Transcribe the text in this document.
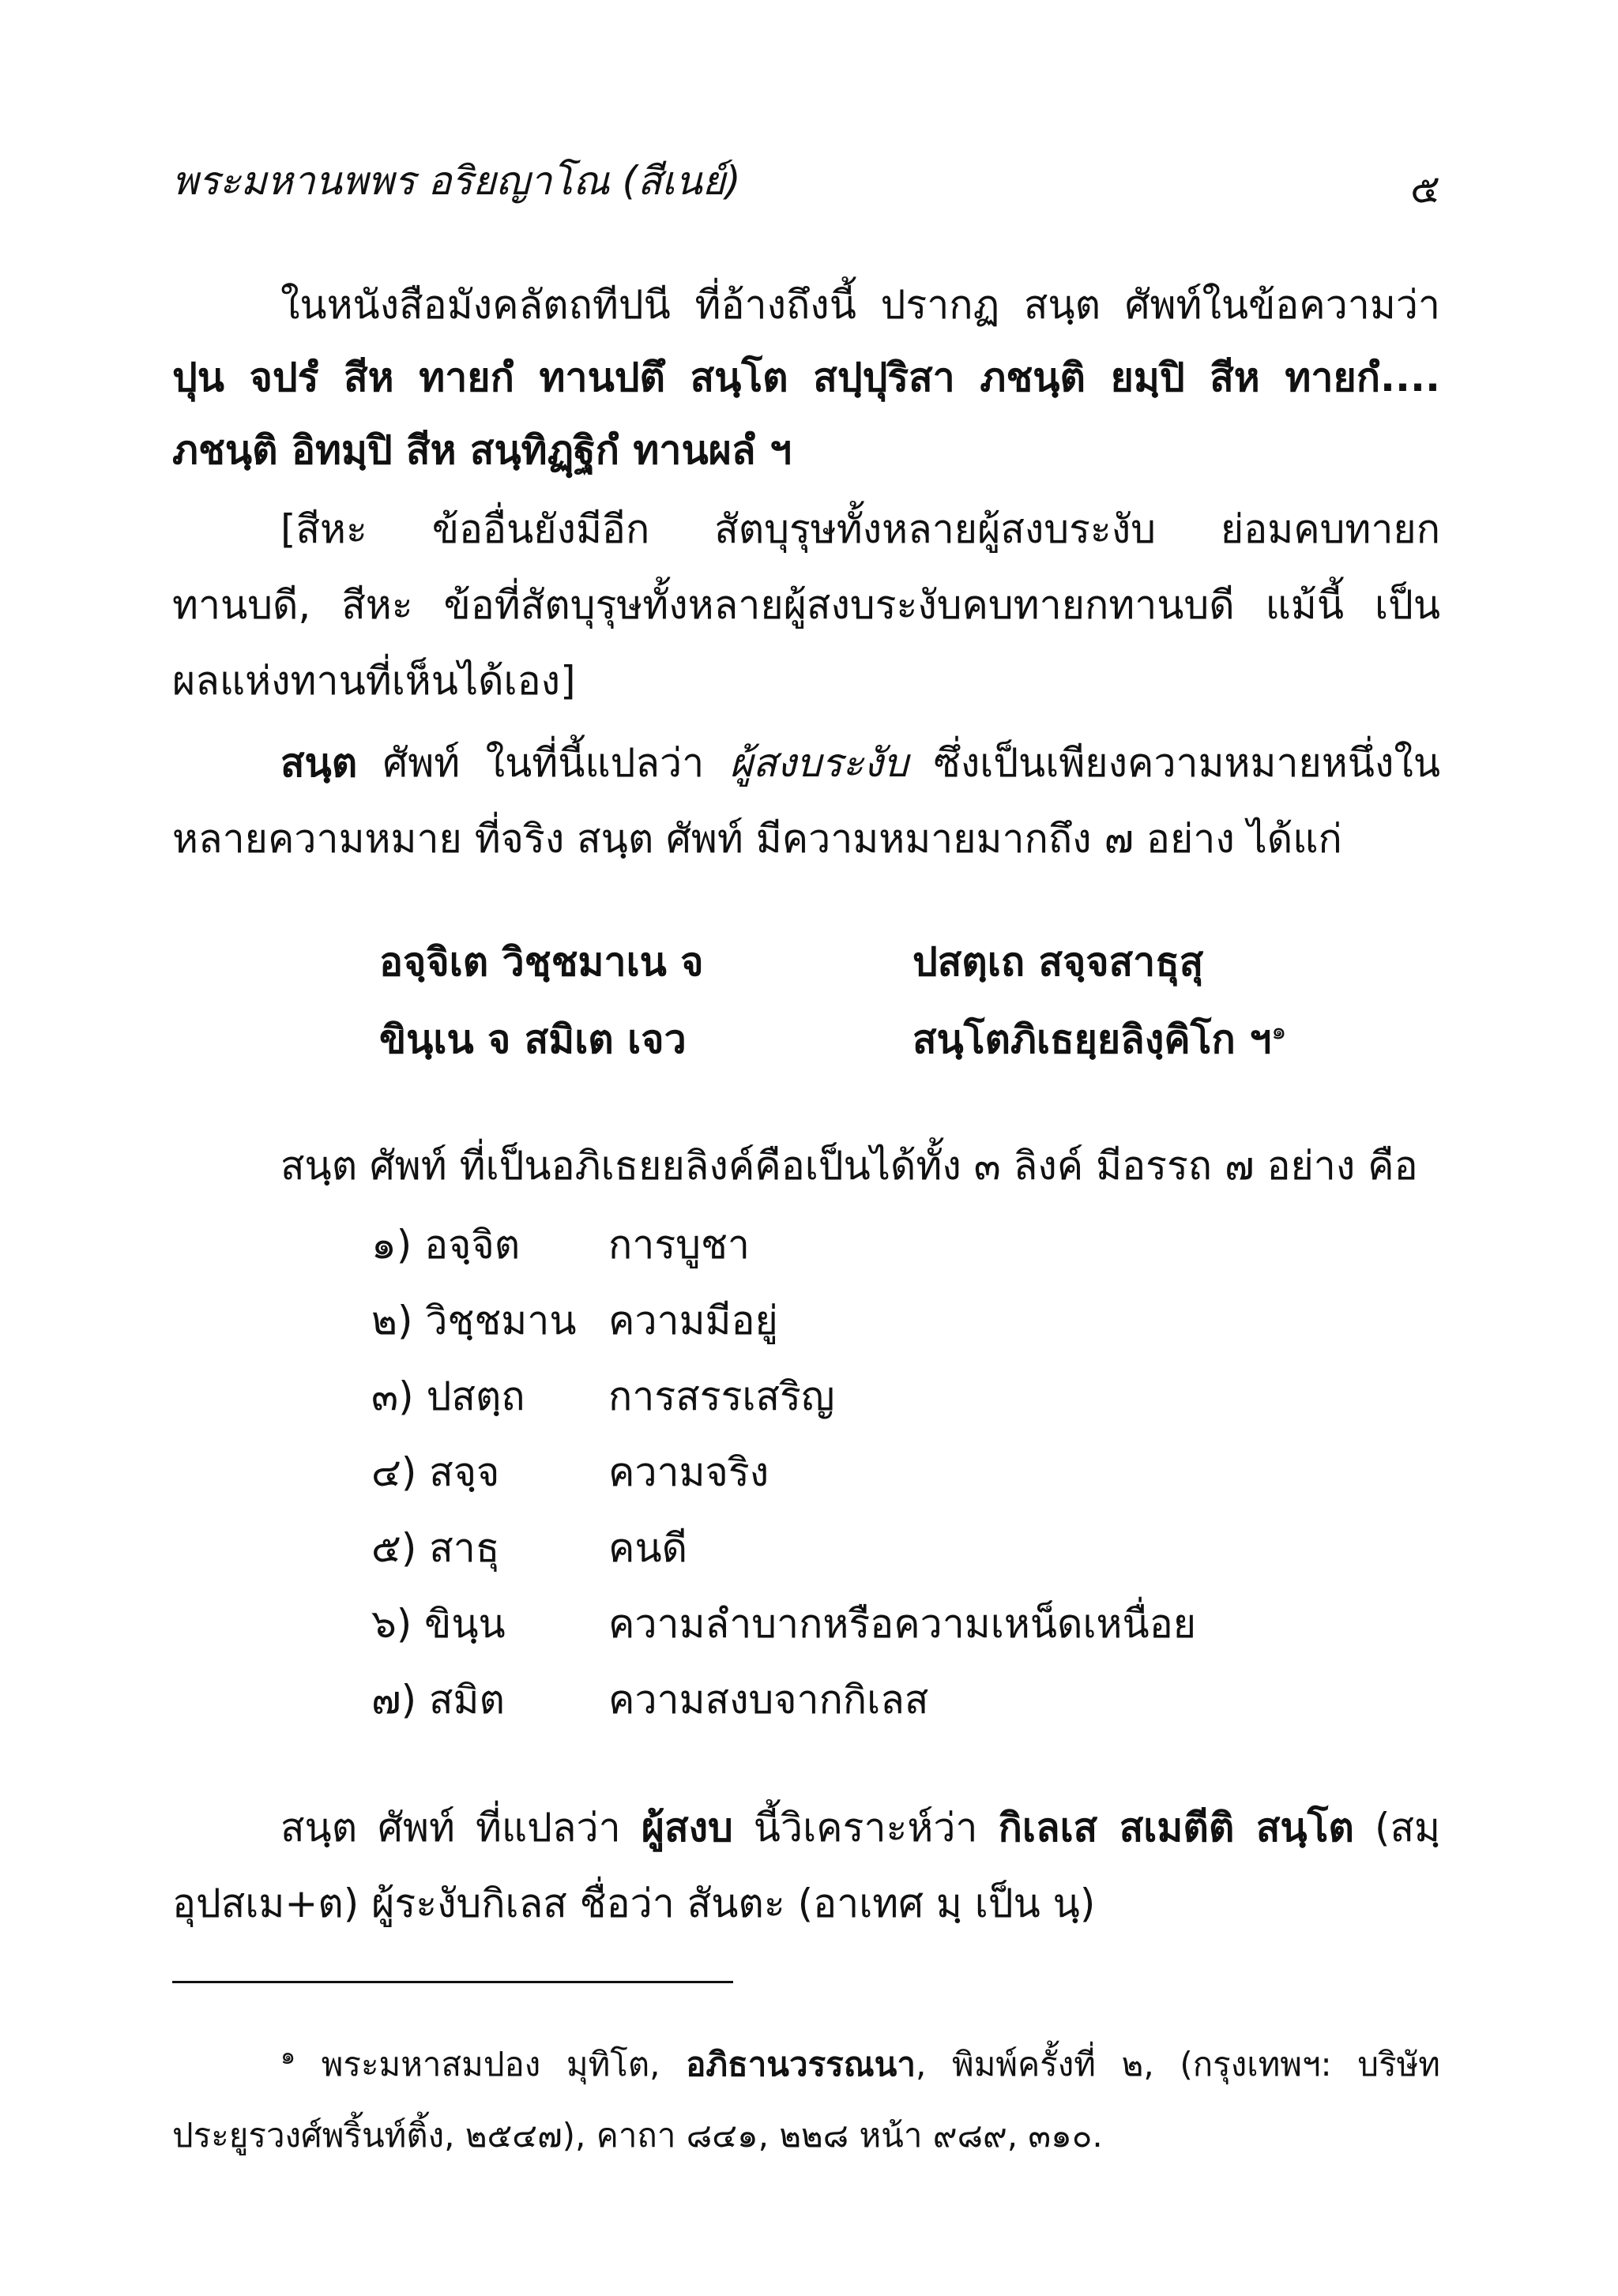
พระมหานพพร อริยญาโณ (สีเนย์)	๕
ในหนังสือมังคลัตถทีปนี ที่อ้างถึงนี้ ปรากฏ สนฺต ศัพท์ในข้อความว่า
ปุน จปรํ สีห ทายกํ ทานปตึ สนฺโต สปฺปุริสา ภชนฺติ ยมฺปิ สีห ทายกํ....
ภชนฺติ อิทมฺปิ สีห สนฺทิฏฺฐิกํ ทานผลํ ฯ
[สีหะ ข้ออื่นยังมีอีก สัตบุรุษทั้งหลายผู้สงบระงับ ย่อมคบทายก
ทานบดี, สีหะ ข้อที่สัตบุรุษทั้งหลายผู้สงบระงับคบทายกทานบดี แม้นี้ เป็น
ผลแห่งทานที่เห็นได้เอง]
สนฺต ศัพท์ ในที่นี้แปลว่า ผู้สงบระงับ ซึ่งเป็นเพียงความหมายหนึ่งใน
หลายความหมาย ที่จริง สนฺต ศัพท์ มีความหมายมากถึง ๗ อย่าง ได้แก่
อจฺจิเต วิชฺชมาเน จ	ปสตฺเถ สจฺจสาธุสุ
ขินฺเน จ สมิเต เจว	สนฺโตภิเธยฺยลิงฺคิโก ฯ$^๑$
สนฺต ศัพท์ ที่เป็นอภิเธยยลิงค์คือเป็นได้ทั้ง ๓ ลิงค์ มีอรรถ ๗ อย่าง คือ
๑) อจฺจิต การบูชา
๒) วิชฺชมาน ความมีอยู่
๓) ปสตฺถ การสรรเสริญ
๔) สจฺจ	ความจริง
๕) สาธุ	คนดี
๖) ขินฺน	ความลำบากหรือความเหน็ดเหนื่อย
๗) สมิต	ความสงบจากกิเลส
สนฺต ศัพท์ ที่แปลว่า ผู้สงบ นี้วิเคราะห์ว่า กิเลเส สเมตีติ สนฺโต (สมฺ
อุปสเม+ต) ผู้ระงับกิเลส ชื่อว่า สันตะ (อาเทศ มฺ เป็น นฺ)
$^๑$ พระมหาสมปอง มุทิโต, อภิธานวรรณนา, พิมพ์ครั้งที่ ๒, (กรุงเทพฯ: บริษัท
ประยูรวงศ์พริ้นท์ติ้ง, ๒๕๔๗), คาถา ๘๔๑, ๒๒๘ หน้า ๙๘๙, ๓๑๐.
